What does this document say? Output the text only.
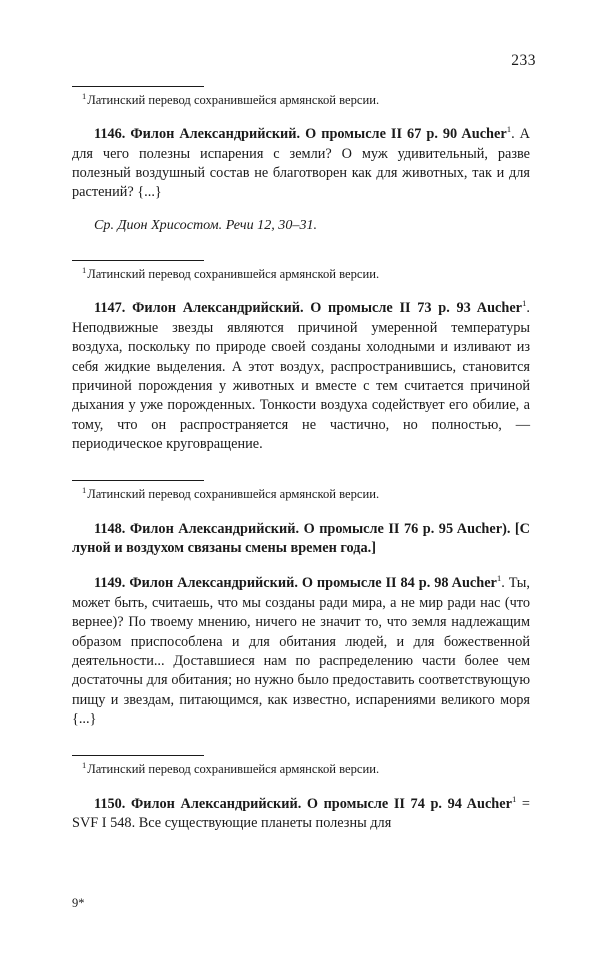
233

$^1$Латинский перевод сохранившейся армянской версии.

1146. Филон Александрийский. О промысле II 67 p. 90 Aucher$^1$. А для чего полезны испарения с земли? О муж удивительный, разве полезный воздушный состав не благотворен как для животных, так и для растений? {...}

Ср. Дион Хрисостом. Речи 12, 30–31.

$^1$Латинский перевод сохранившейся армянской версии.

1147. Филон Александрийский. О промысле II 73 p. 93 Aucher$^1$. Неподвижные звезды являются причиной умеренной температуры воздуха, поскольку по природе своей созданы холодными и изливают из себя жидкие выделения. А этот воздух, распространившись, становится причиной порождения у животных и вместе с тем считается причиной дыхания у уже порожденных. Тонкости воздуха содействует его обилие, а тому, что он распространяется не частично, но полностью, — периодическое круговращение.

$^1$Латинский перевод сохранившейся армянской версии.

1148. Филон Александрийский. О промысле II 76 p. 95 Aucher). [С луной и воздухом связаны смены времен года.]

1149. Филон Александрийский. О промысле II 84 p. 98 Aucher$^1$. Ты, может быть, считаешь, что мы созданы ради мира, а не мир ради нас (что вернее)? По твоему мнению, ничего не значит то, что земля надлежащим образом приспособлена и для обитания людей, и для божественной деятельности... Доставшиеся нам по распределению части более чем достаточны для обитания; но нужно было предоставить соответствующую пищу и звездам, питающимся, как известно, испарениями великого моря {...}

$^1$Латинский перевод сохранившейся армянской версии.

1150. Филон Александрийский. О промысле II 74 p. 94 Aucher$^1$ = SVF I 548. Все существующие планеты полезны для

9*
